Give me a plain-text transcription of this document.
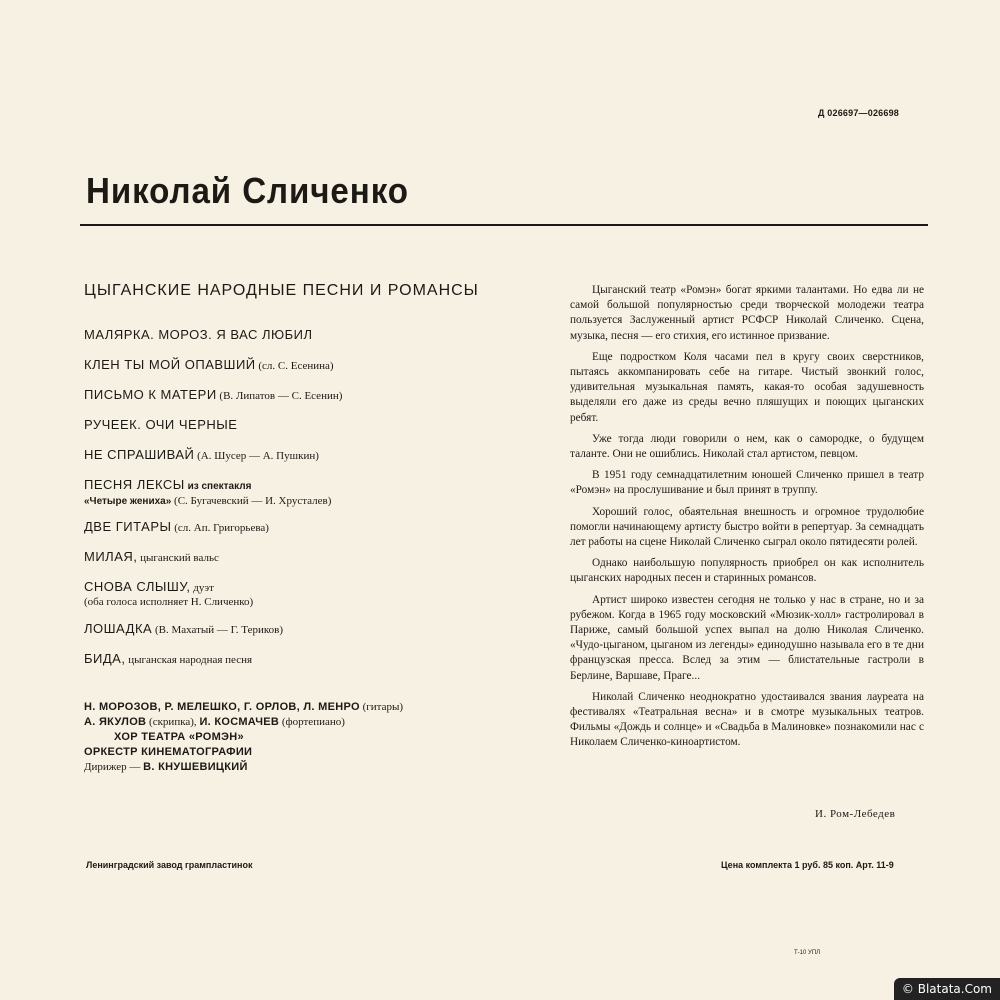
Д 026697—026698
Николай Сличенко
ЦЫГАНСКИЕ НАРОДНЫЕ ПЕСНИ И РОМАНСЫ
МАЛЯРКА. МОРОЗ. Я ВАС ЛЮБИЛ
КЛЕН ТЫ МОЙ ОПАВШИЙ (сл. С. Есенина)
ПИСЬМО К МАТЕРИ (В. Липатов — С. Есенин)
РУЧЕЕК. ОЧИ ЧЕРНЫЕ
НЕ СПРАШИВАЙ (А. Шусер — А. Пушкин)
ПЕСНЯ ЛЕКСЫ из спектакля
«Четыре жениха» (С. Бугачевский — И. Хрусталев)
ДВЕ ГИТАРЫ (сл. Ап. Григорьева)
МИЛАЯ, цыганский вальс
СНОВА СЛЫШУ, дуэт
(оба голоса исполняет Н. Сличенко)
ЛОШАДКА (В. Махатый — Г. Териков)
БИДА, цыганская народная песня
Н. МОРОЗОВ, Р. МЕЛЕШКО, Г. ОРЛОВ, Л. МЕНРО (гитары)
А. ЯКУЛОВ (скрипка), И. КОСМАЧЕВ (фортепиано)
ХОР ТЕАТРА «РОМЭН»
ОРКЕСТР КИНЕМАТОГРАФИИ
Дирижер — В. КНУШЕВИЦКИЙ

Цыганский театр «Ромэн» богат яркими талантами. Но едва ли не самой большой популярностью среди творческой молодежи театра пользуется Заслуженный артист РСФСР Николай Сличенко. Сцена, музыка, песня — его стихия, его истинное призвание.

Еще подростком Коля часами пел в кругу своих сверстников, пытаясь аккомпанировать себе на гитаре. Чистый звонкий голос, удивительная музыкальная память, какая-то особая задушевность выделяли его даже из среды вечно пляшущих и поющих цыганских ребят.

Уже тогда люди говорили о нем, как о самородке, о будущем таланте. Они не ошиблись. Николай стал артистом, певцом.

В 1951 году семнадцатилетним юношей Сличенко пришел в театр «Ромэн» на прослушивание и был принят в труппу.

Хороший голос, обаятельная внешность и огромное трудолюбие помогли начинающему артисту быстро войти в репертуар. За семнадцать лет работы на сцене Николай Сличенко сыграл около пятидесяти ролей.

Однако наибольшую популярность приобрел он как исполнитель цыганских народных песен и старинных романсов.

Артист широко известен сегодня не только у нас в стране, но и за рубежом. Когда в 1965 году московский «Мюзик-холл» гастролировал в Париже, самый большой успех выпал на долю Николая Сличенко. «Чудо-цыганом, цыганом из легенды» единодушно называла его в те дни французская пресса. Вслед за этим — блистательные гастроли в Берлине, Варшаве, Праге...

Николай Сличенко неоднократно удостаивался звания лауреата на фестивалях «Театральная весна» и в смотре музыкальных театров. Фильмы «Дождь и солнце» и «Свадьба в Малиновке» познакомили нас с Николаем Сличенко-киноартистом.

И. Ром-Лебедев
Ленинградский завод грампластинок	Цена комплекта 1 руб. 85 коп. Арт. 11-9
Т-10 УПЛ
© Blatata.Com
